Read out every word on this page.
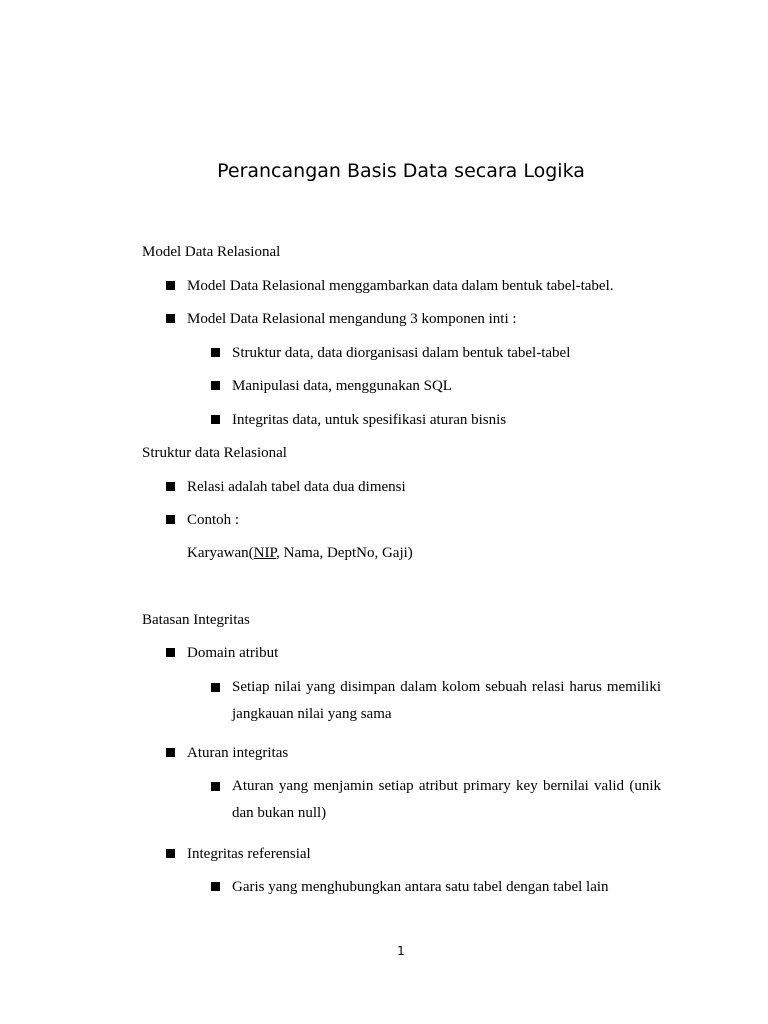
Perancangan Basis Data secara Logika
Model Data Relasional
Model Data Relasional menggambarkan data dalam bentuk tabel-tabel.
Model Data Relasional mengandung 3 komponen inti :
Struktur data, data diorganisasi dalam bentuk tabel-tabel
Manipulasi data, menggunakan SQL
Integritas data, untuk spesifikasi aturan bisnis
Struktur data Relasional
Relasi adalah tabel data dua dimensi
Contoh :
Karyawan(NIP, Nama, DeptNo, Gaji)
Batasan Integritas
Domain atribut
Setiap nilai yang disimpan dalam kolom sebuah relasi harus memiliki jangkauan nilai yang sama
Aturan integritas
Aturan yang menjamin setiap atribut primary key bernilai valid (unik dan bukan null)
Integritas referensial
Garis yang menghubungkan antara satu tabel dengan tabel lain
1
